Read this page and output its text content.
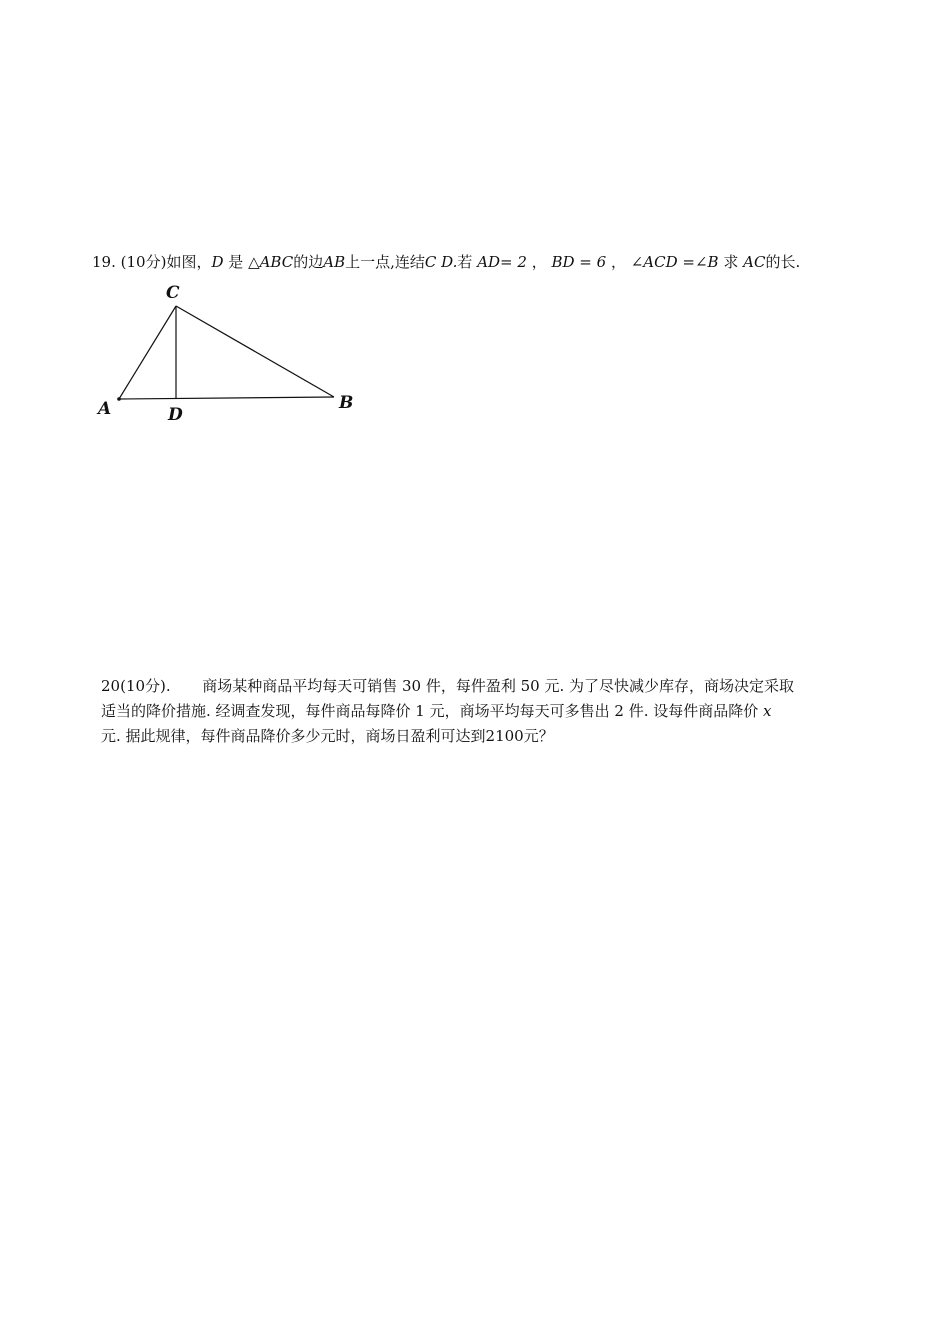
19. (10分)如图，D 是 △ABC的边AB上一点,连结C D.若 AD= 2 ， BD = 6 ， ∠ACD =∠B 求 AC的长.
C
A	D
B
20(10分). 商场某种商品平均每天可销售 30 件，每件盈利 50 元. 为了尽快减少库存，商场决定采取
适当的降价措施. 经调查发现，每件商品每降价 1 元，商场平均每天可多售出 2 件. 设每件商品降价 x
元. 据此规律，每件商品降价多少元时，商场日盈利可达到2100元？
